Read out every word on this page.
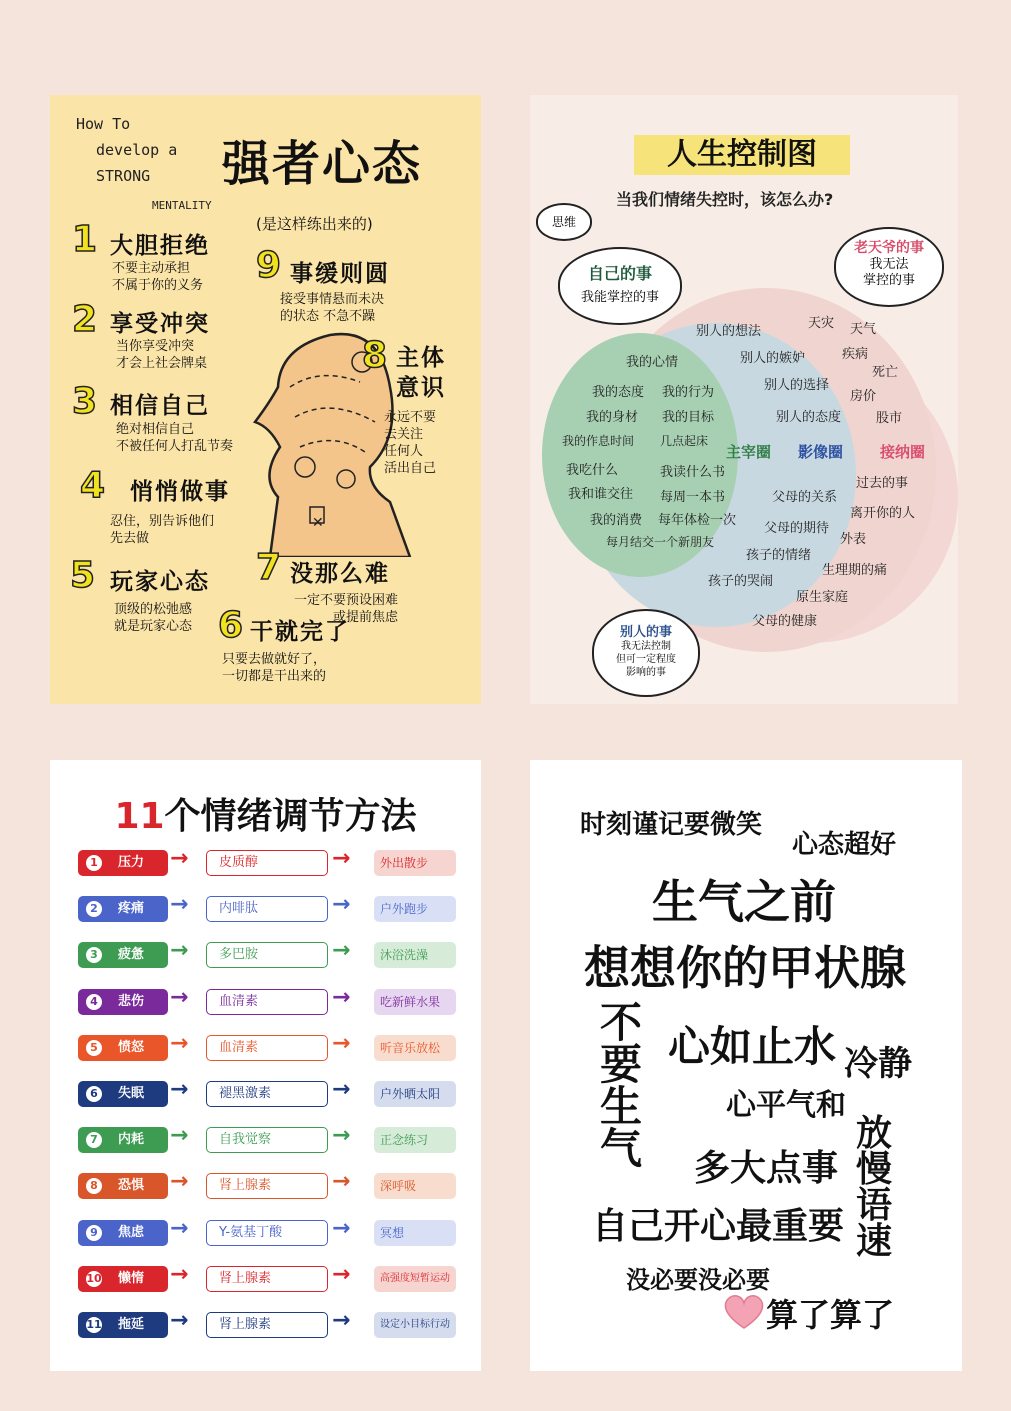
How To
develop a
STRONG
MENTALITY
强者心态
(是这样练出来的)
✕
1 大胆拒绝
不要主动承担
不属于你的义务
2 享受冲突
当你享受冲突
才会上社会牌桌
3 相信自己
绝对相信自己
不被任何人打乱节奏
4 悄悄做事
忍住，别告诉他们
先去做
5 玩家心态
顶级的松弛感
就是玩家心态 6 干就完了
只要去做就好了，
一切都是干出来的
7 没那么难
一定不要预设困难
或提前焦虑
8 主体
意识
永远不要
去关注
任何人
活出自己
9 事缓则圆
接受事情悬而未决
的状态 不急不躁
人生控制图
当我们情绪失控时，该怎么办?
思维
自己的事
我能掌控的事
老天爷的事
我无法
掌控的事
别人的事
我无法控制
但可一定程度
影响的事
主宰圈 影像圈 接纳圈
我的心情
我的态度 我的行为
我的身材 我的目标
我的作息时间 几点起床
我吃什么	我读什么书
我和谁交往 每周一本书
我的消费 每年体检一次
每月结交一个新朋友
别人的想法
别人的嫉妒
别人的选择
别人的态度
父母的关系
父母的期待
孩子的情绪
孩子的哭闹
原生家庭
父母的健康
天灾 天气
疾病
死亡
房价
股市
过去的事
离开你的人
外表
生理期的痛
11个情绪调节方法
1	压力 →	皮质醇	→	外出散步
2	疼痛 →	内啡肽	→	户外跑步
3	疲惫 →	多巴胺	→	沐浴洗澡
4	悲伤 →	血清素	→	吃新鲜水果
5	愤怒 →	血清素	→	听音乐放松
6	失眠 →	褪黑激素	→	户外晒太阳
7	内耗 →	自我觉察	→	正念练习
8	恐惧 →	肾上腺素	→	深呼吸
9	焦虑 →	Y-氨基丁酸	→	冥想
10 懒惰 →	肾上腺素	→	高强度短暂运动
11 拖延 →	肾上腺素	→	设定小目标行动
时刻谨记要微笑
心态超好
生气之前
想想你的甲状腺
不要生气
心如止水 冷静
心平气和
多大点事
放慢语速
自己开心最重要
没必要没必要
算了算了
